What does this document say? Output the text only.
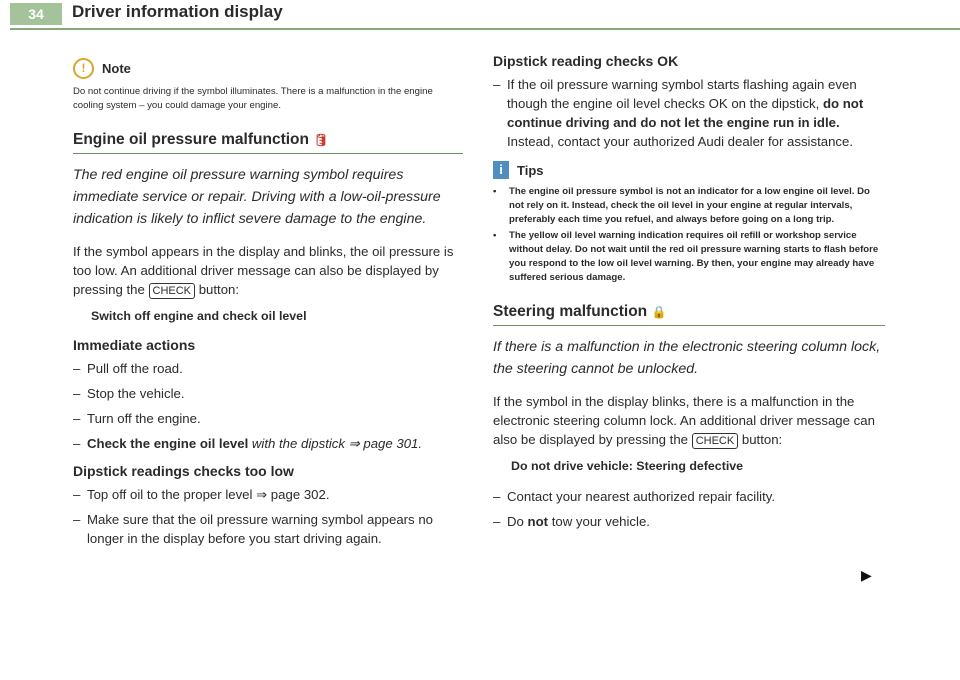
34	Driver information display
!	Note
Do not continue driving if the symbol illuminates. There is a malfunction in the engine cooling system – you could damage your engine.
Engine oil pressure malfunction 🛢
The red engine oil pressure warning symbol requires immediate service or repair. Driving with a low-oil-pressure indication is likely to inflict severe damage to the engine.

If the symbol appears in the display and blinks, the oil pressure is too low. An additional driver message can also be displayed by pressing the CHECK button:

Switch off engine and check oil level
Immediate actions
– Pull off the road.
– Stop the vehicle.
– Turn off the engine.
– Check the engine oil level with the dipstick ⇒ page 301.
Dipstick readings checks too low
– Top off oil to the proper level ⇒ page 302.
– Make sure that the oil pressure warning symbol appears no longer in the display before you start driving again.
Dipstick reading checks OK
– If the oil pressure warning symbol starts flashing again even though the engine oil level checks OK on the dipstick, do not continue driving and do not let the engine run in idle. Instead, contact your authorized Audi dealer for assistance.
i	Tips
•	The engine oil pressure symbol is not an indicator for a low engine oil level. Do not rely on it. Instead, check the oil level in your engine at regular intervals, preferably each time you refuel, and always before going on a long trip.
•	The yellow oil level warning indication requires oil refill or workshop service without delay. Do not wait until the red oil pressure warning starts to flash before you respond to the low oil level warning. By then, your engine may already have suffered serious damage.
Steering malfunction 🔒
If there is a malfunction in the electronic steering column lock, the steering cannot be unlocked.

If the symbol in the display blinks, there is a malfunction in the electronic steering column lock. An additional driver message can also be displayed by pressing the CHECK button:

Do not drive vehicle: Steering defective
– Contact your nearest authorized repair facility.
– Do not tow your vehicle.
▶
